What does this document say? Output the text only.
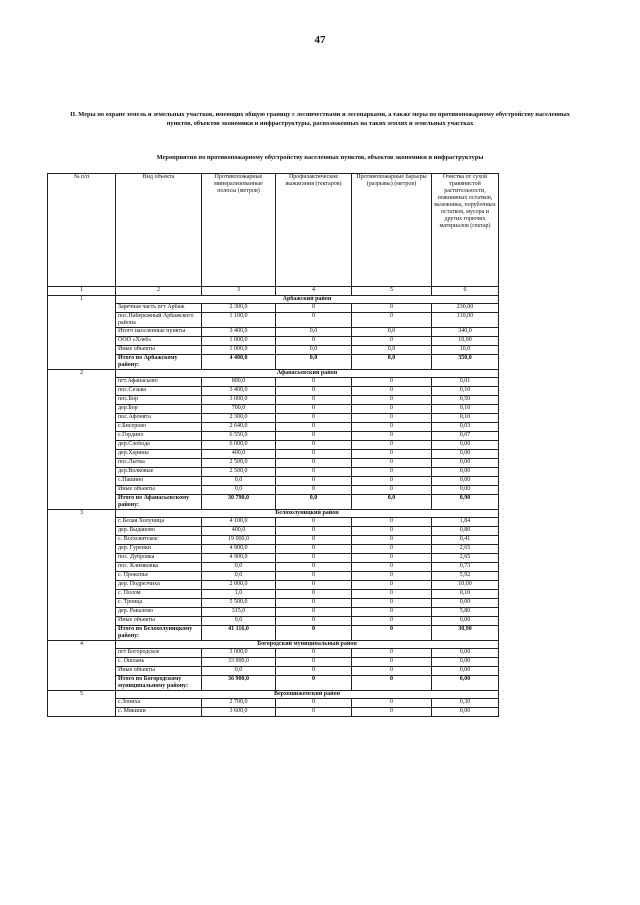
47
II. Меры по охране земель и земельных участков, имеющих общую границу с лесничествами и лесопарками, а также меры по противопожарному обустройству населенных пунктов, объектов экономики и инфраструктуры, расположенных на таких землях и земельных участках
Мероприятия по противопожарному обустройству населенных пунктов, объектов экономики и инфраструктуры
№ п/п	Вид объекта	Противопожарные минерализованные полосы (метров)	Профилактические выжигания (гектаров)	Противопожарные барьеры (разрывы) (метров)	Очистка от сухой травянистой растительности, пожнивных остатков, валежника, порубочных остатков, мусора и других горючих материалов (гектар)
1	2	3	4	5	6
1	Арбажский район				
	Заречная часть пгт Арбаж	2 300,0	0	0	230,00
	пос.Набережный Арбажского района	1 100,0	0	0	110,00
	Итого населенные пункты	3 400,0	0,0	0,0	340,0
	ООО «Хлеб»	1 000,0	0	0	10,00
	Иные объекты	1 000,0	0,0	0,0	10,0
	Итого по Арбажскому району:	4 400,0	0,0	0,0	350,0
2	Афанасьевский район				
	пгт.Афанасьево	800,0	0	0	0,01
	пос.Сезьва	3 400,0	0	0	0,10
	пос.Бор	3 000,0	0	0	0,50
	дер.Бор	700,0	0	0	0,10
	пос.Афонята	2 300,0	0	0	0,10
	с.Бисерово	2 640,0	0	0	0,03
	с.Гордино	6 550,0	0	0	0,07
	дер.Слобода	6 000,0	0	0	0,00
	дер.Харины	400,0	0	0	0,00
	пос.Лытка	2 500,0	0	0	0,00
	дер.Волковые	2 500,0	0	0	0,00
	с.Пашино	0,0	0	0	0,00
	Иные объекты	0,0	0	0	0,00
	Итого по Афанасьевскому району:	30 790,0	0,0	0,0	0,90
3	Белохолуницкий район				
	г. Белая Холуница	4 100,0	0	0	1,84
	дер. Быданово	400,0	0	0	0,80
	с. Всехсвятское	19 000,0	0	0	0,41
	дер. Гуренки	4 900,0	0	0	2,65
	пос. Дубровка	4 900,0	0	0	2,65
	пос. Климковка	0,0	0	0	0,73
	с. Прокопье	0,0	0	0	5,92
	дер. Подрезчиха	2 000,0	0	0	10,00
	с. Полом	1,0	0	0	0,10
	с. Троица	5 500,0	0	0	0,00
	дер. Ракалово	315,0	0	0	5,80
	Иные объекты	0,0	0	0	0,00
	Итого по Белохолуницкому району:	41 116,0	0	0	30,90
4	Богородский муниципальный район				
	пгт Богородское	3 000,0	0	0	0,00
	с. Ошлань	33 900,0	0	0	0,00
	Иные объекты	0,0	0	0	0,00
	Итого по Богородскому муниципальному району:	36 900,0	0	0	0,00
5	Верхошижемский район				
	с.Зониха	2 700,0	0	0	0,30
	с. Мякиши	3 600,0	0	0	0,00
